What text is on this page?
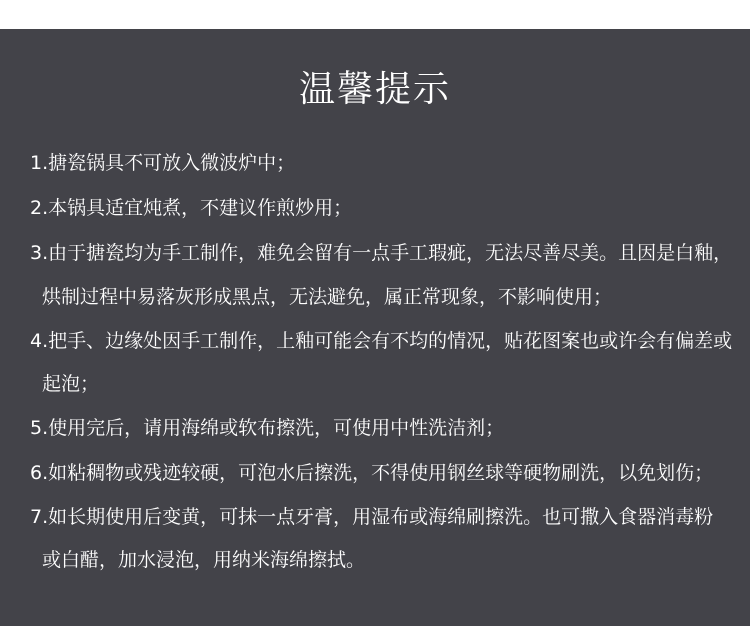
温馨提示
1.搪瓷锅具不可放入微波炉中；
2.本锅具适宜炖煮，不建议作煎炒用；
3.由于搪瓷均为手工制作，难免会留有一点手工瑕疵，无法尽善尽美。且因是白釉，
烘制过程中易落灰形成黑点，无法避免，属正常现象，不影响使用；
4.把手、边缘处因手工制作，上釉可能会有不均的情况，贴花图案也或许会有偏差或
起泡；
5.使用完后，请用海绵或软布擦洗，可使用中性洗洁剂；
6.如粘稠物或残迹较硬，可泡水后擦洗，不得使用钢丝球等硬物刷洗，以免划伤；
7.如长期使用后变黄，可抹一点牙膏，用湿布或海绵刷擦洗。也可撒入食器消毒粉
或白醋，加水浸泡，用纳米海绵擦拭。
